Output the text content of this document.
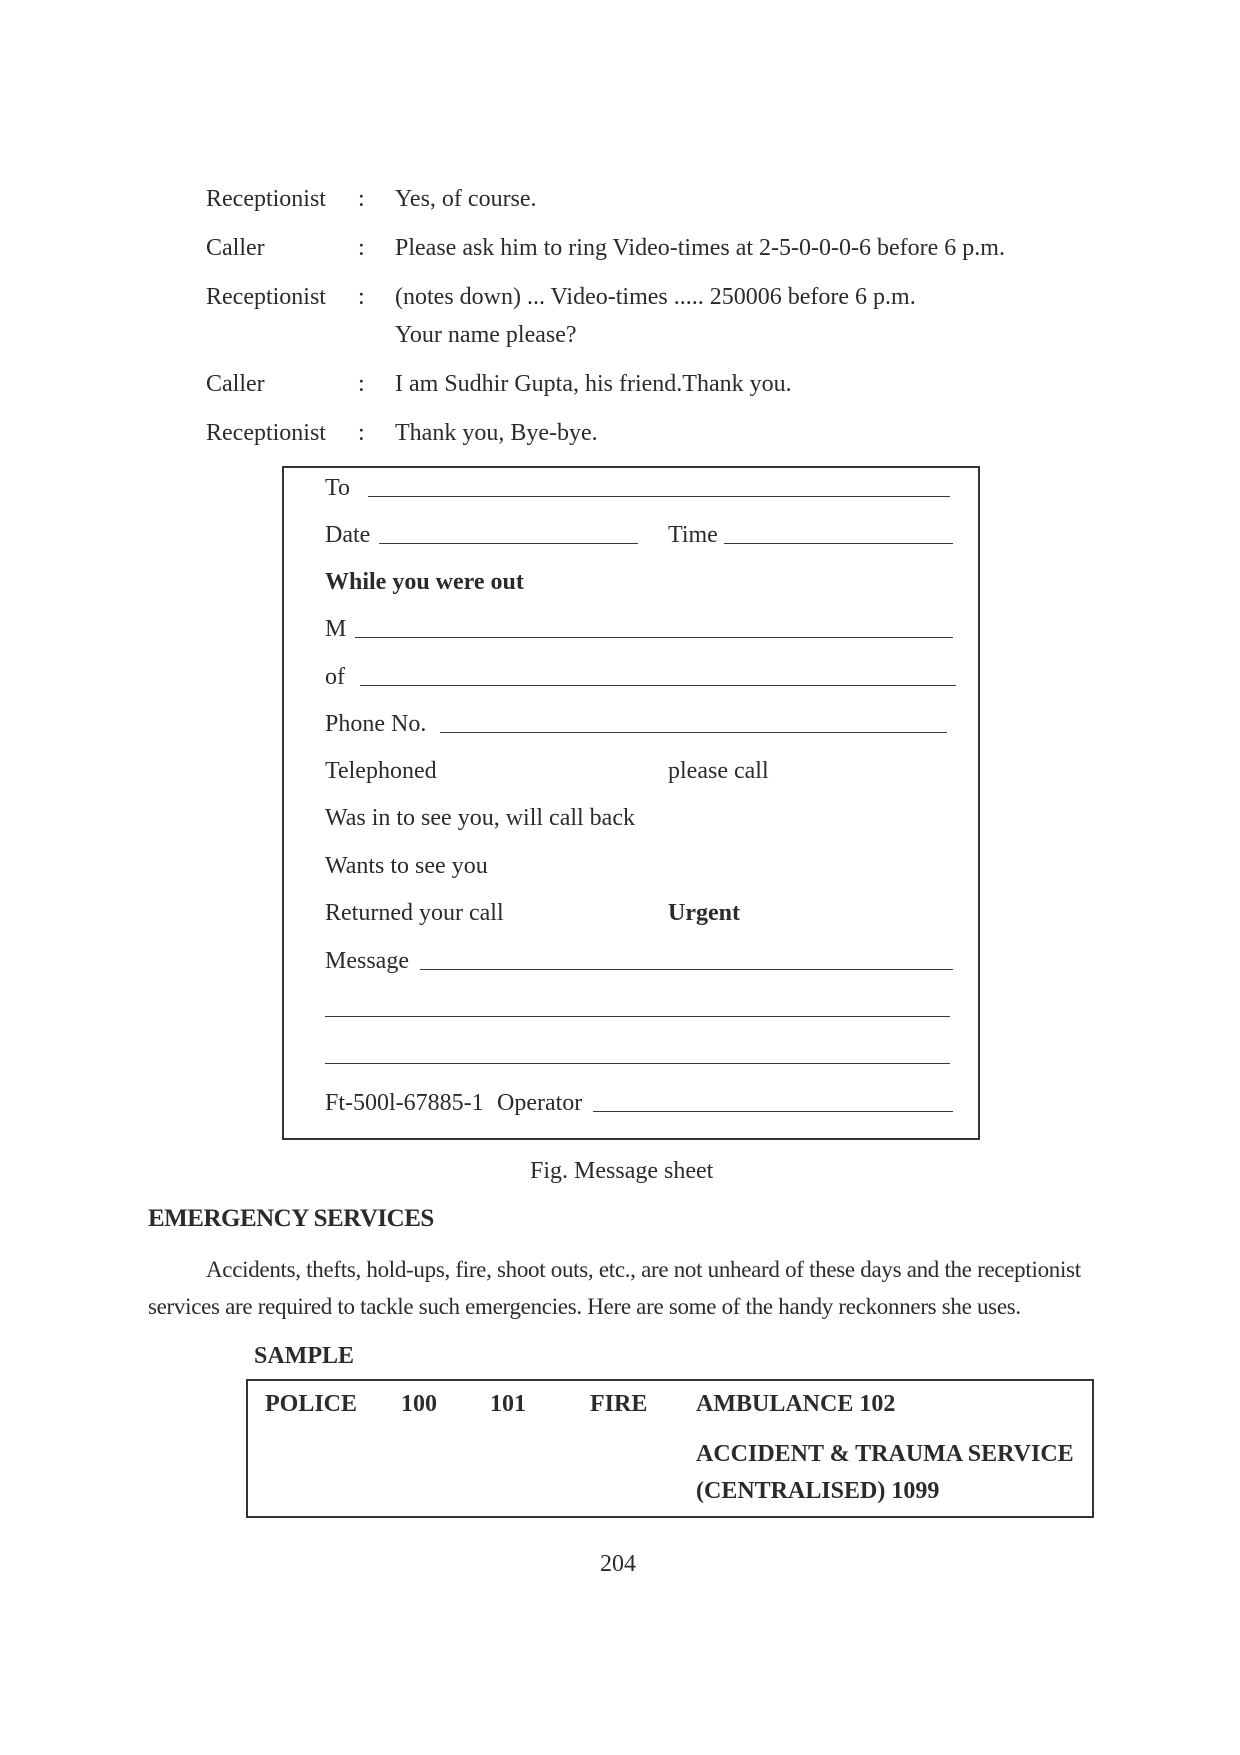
Receptionist : Yes, of course.
Caller	: Please ask him to ring Video-times at 2-5-0-0-0-6 before 6 p.m.
Receptionist : (notes down) ... Video-times ..... 250006 before 6 p.m.
Your name please?
Caller	: I am Sudhir Gupta, his friend.Thank you.
Receptionist : Thank you, Bye-bye.
To
Date	Time
While you were out
M
of
Phone No.
Telephoned	please call
Was in to see you, will call back
Wants to see you
Returned your call	Urgent
Message
Ft-500l-67885-1 Operator
Fig. Message sheet
EMERGENCY SERVICES
Accidents, thefts, hold-ups, fire, shoot outs, etc., are not unheard of these days and the receptionist
services are required to tackle such emergencies. Here are some of the handy reckonners she uses.
SAMPLE
POLICE 100 101	FIRE AMBULANCE 102
ACCIDENT & TRAUMA SERVICE
(CENTRALISED) 1099
204
